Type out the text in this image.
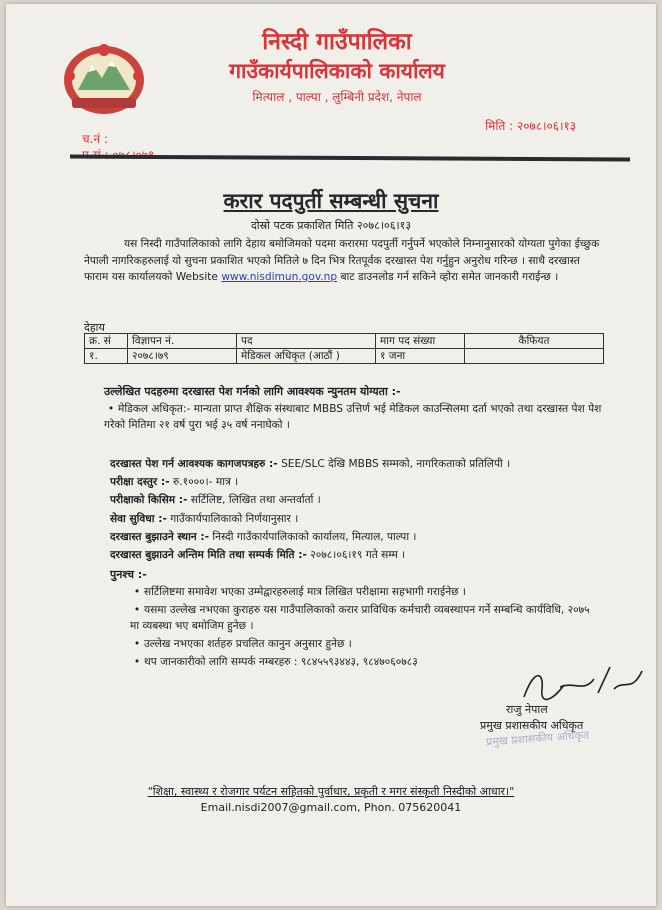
निस्दी गाउँपालिका
गाउँकार्यपालिकाको कार्यालय
मित्याल , पाल्पा , लुम्बिनी प्रदेश, नेपाल
मिति : २०७८।०६।१३
च.नं :
करार पदपुर्ती सम्बन्धी सुचना
दोस्रो पटक प्रकाशित मिति २०७८।०६।१३
यस निस्दी गाउँपालिकाको लागि देहाय बमोजिमको पदमा करारमा पदपुर्ती गर्नुपर्ने भएकोले निम्नानुसारको योग्यता पुगेका ईच्छुक नेपाली नागरिकहरुलाई यो सुचना प्रकाशित भएको मितिले ७ दिन भित्र रितपूर्वक दरखास्त पेश गर्नुहुन अनुरोध गरिन्छ । साथै दरखास्त फाराम यस कार्यालयको Website www.nisdimun.gov.np बाट डाउनलोड गर्न सकिने व्होरा समेत जानकारी गराईन्छ ।
देहाय
क्र. सं	विज्ञापन नं.	पद	माग पद संख्या	कैफियत
१.	२०७८।७९	मेडिकल अधिकृत (आठौं )	१ जना	
उल्लेखित पदहरुमा दरखास्त पेश गर्नको लागि आवश्यक न्युनतम योग्यता :-
• मेडिकल अधिकृत:- मान्यता प्राप्त शैक्षिक संस्थाबाट MBBS उत्तिर्ण भई मेडिकल काउन्सिलमा दर्ता भएको तथा दरखास्त पेश पेश गरेको मितिमा २१ वर्ष पुरा भई ३५ वर्ष ननाघेको ।
दरखास्त पेश गर्न आवश्यक कागजपत्रहरु :- SEE/SLC देखि MBBS सम्मको, नागरिकताको प्रतिलिपी ।
परीक्षा दस्तुर :- रु.१०००।- मात्र ।
परीक्षाको किसिम :- सर्टिलिष्ट, लिखित तथा अन्तर्वार्ता ।
सेवा सुविधा :- गाउँकार्यपालिकाको निर्णयानुसार ।
दरखास्त बुझाउने स्थान :- निस्दी गाउँकार्यपालिकाको कार्यालय, मित्याल, पाल्पा ।
दरखास्त बुझाउने अन्तिम मिति तथा सम्पर्क मिति :- २०७८।०६।१९ गते सम्म ।
पुनश्च :-
• सर्टिलिष्टमा समावेश भएका उम्मेद्वारहरुलाई मात्र लिखित परीक्षामा सहभागी गराईनेछ ।
• यसमा उल्लेख नभएका कुराहरु यस गाउँपालिकाको करार प्राविधिक कर्मचारी व्यबस्थापन गर्ने सम्बन्धि कार्यविधि, २०७५ मा व्यबस्था भए बमोजिम हुनेछ ।
• उल्लेख नभएका शर्तहरु प्रचलित कानुन अनुसार हुनेछ ।
• थप जानकारीको लागि सम्पर्क नम्बरहरु : ९८४५५९३४४३, ९८४७०६०७८३
राजु नेपाल
प्रमुख प्रशासकीय अधिकृत
प्रमुख प्रशासकीय अधिकृत
"शिक्षा, स्वास्थ्य र रोजगार पर्यटन सहितको पुर्वाधार, प्रकृती र मगर संस्कृती निस्दीको आधार।"
Email.nisdi2007@gmail.com, Phon. 075620041
